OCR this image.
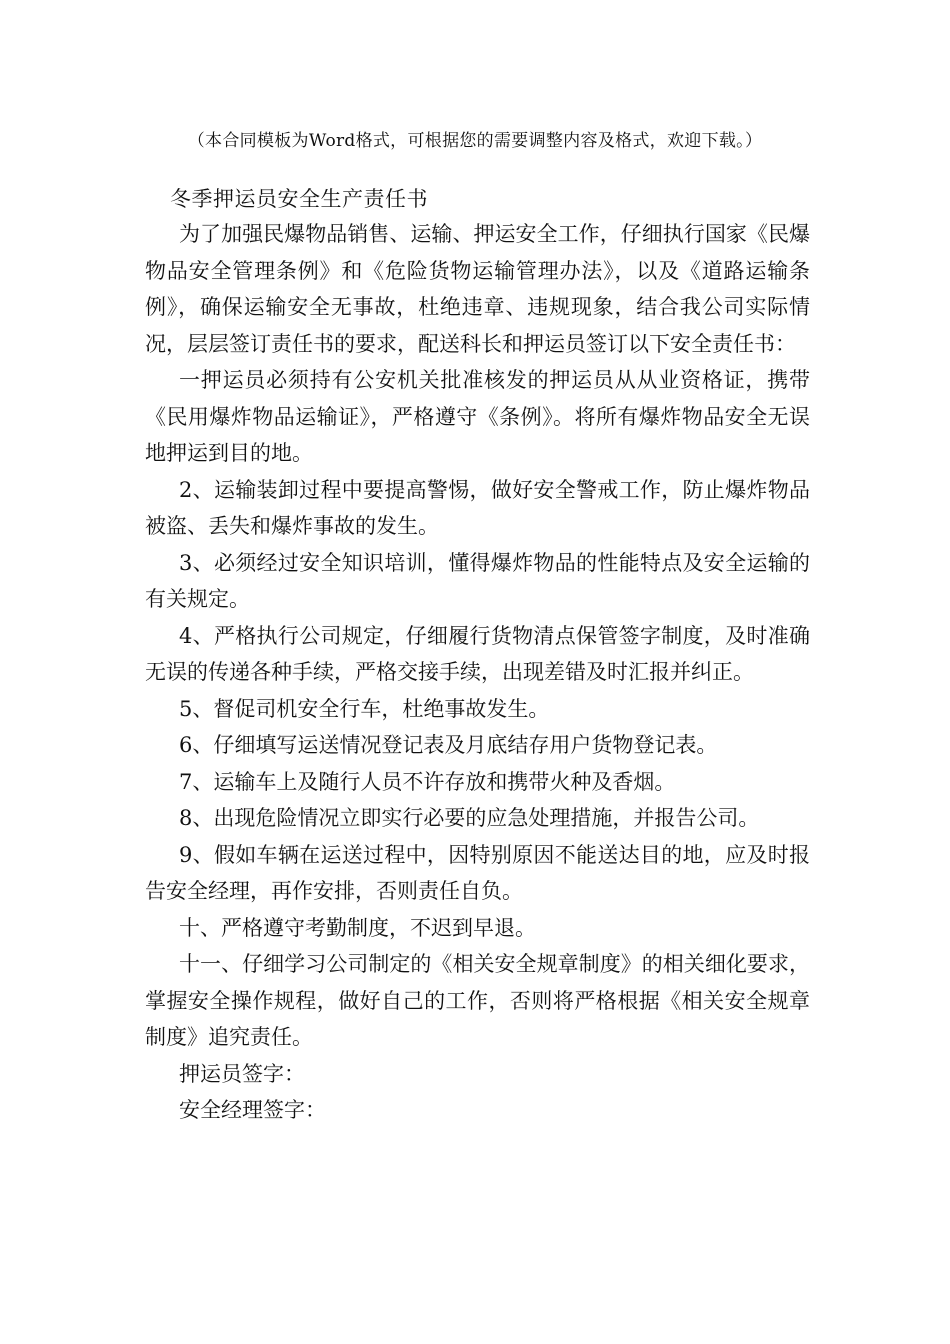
（本合同模板为Word格式，可根据您的需要调整内容及格式，欢迎下载。）
冬季押运员安全生产责任书

为了加强民爆物品销售、运输、押运安全工作，仔细执行国家《民爆物品安全管理条例》和《危险货物运输管理办法》，以及《道路运输条例》，确保运输安全无事故，杜绝违章、违规现象，结合我公司实际情况，层层签订责任书的要求，配送科长和押运员签订以下安全责任书：

一押运员必须持有公安机关批准核发的押运员从从业资格证，携带《民用爆炸物品运输证》，严格遵守《条例》。将所有爆炸物品安全无误地押运到目的地。

2、运输装卸过程中要提高警惕，做好安全警戒工作，防止爆炸物品被盗、丢失和爆炸事故的发生。

3、必须经过安全知识培训，懂得爆炸物品的性能特点及安全运输的有关规定。

4、严格执行公司规定，仔细履行货物清点保管签字制度，及时准确无误的传递各种手续，严格交接手续，出现差错及时汇报并纠正。

5、督促司机安全行车，杜绝事故发生。

6、仔细填写运送情况登记表及月底结存用户货物登记表。

7、运输车上及随行人员不许存放和携带火种及香烟。

8、出现危险情况立即实行必要的应急处理措施，并报告公司。

9、假如车辆在运送过程中，因特别原因不能送达目的地，应及时报告安全经理，再作安排，否则责任自负。

十、严格遵守考勤制度，不迟到早退。

十一、仔细学习公司制定的《相关安全规章制度》的相关细化要求，掌握安全操作规程，做好自己的工作，否则将严格根据《相关安全规章制度》追究责任。

押运员签字：

安全经理签字：
